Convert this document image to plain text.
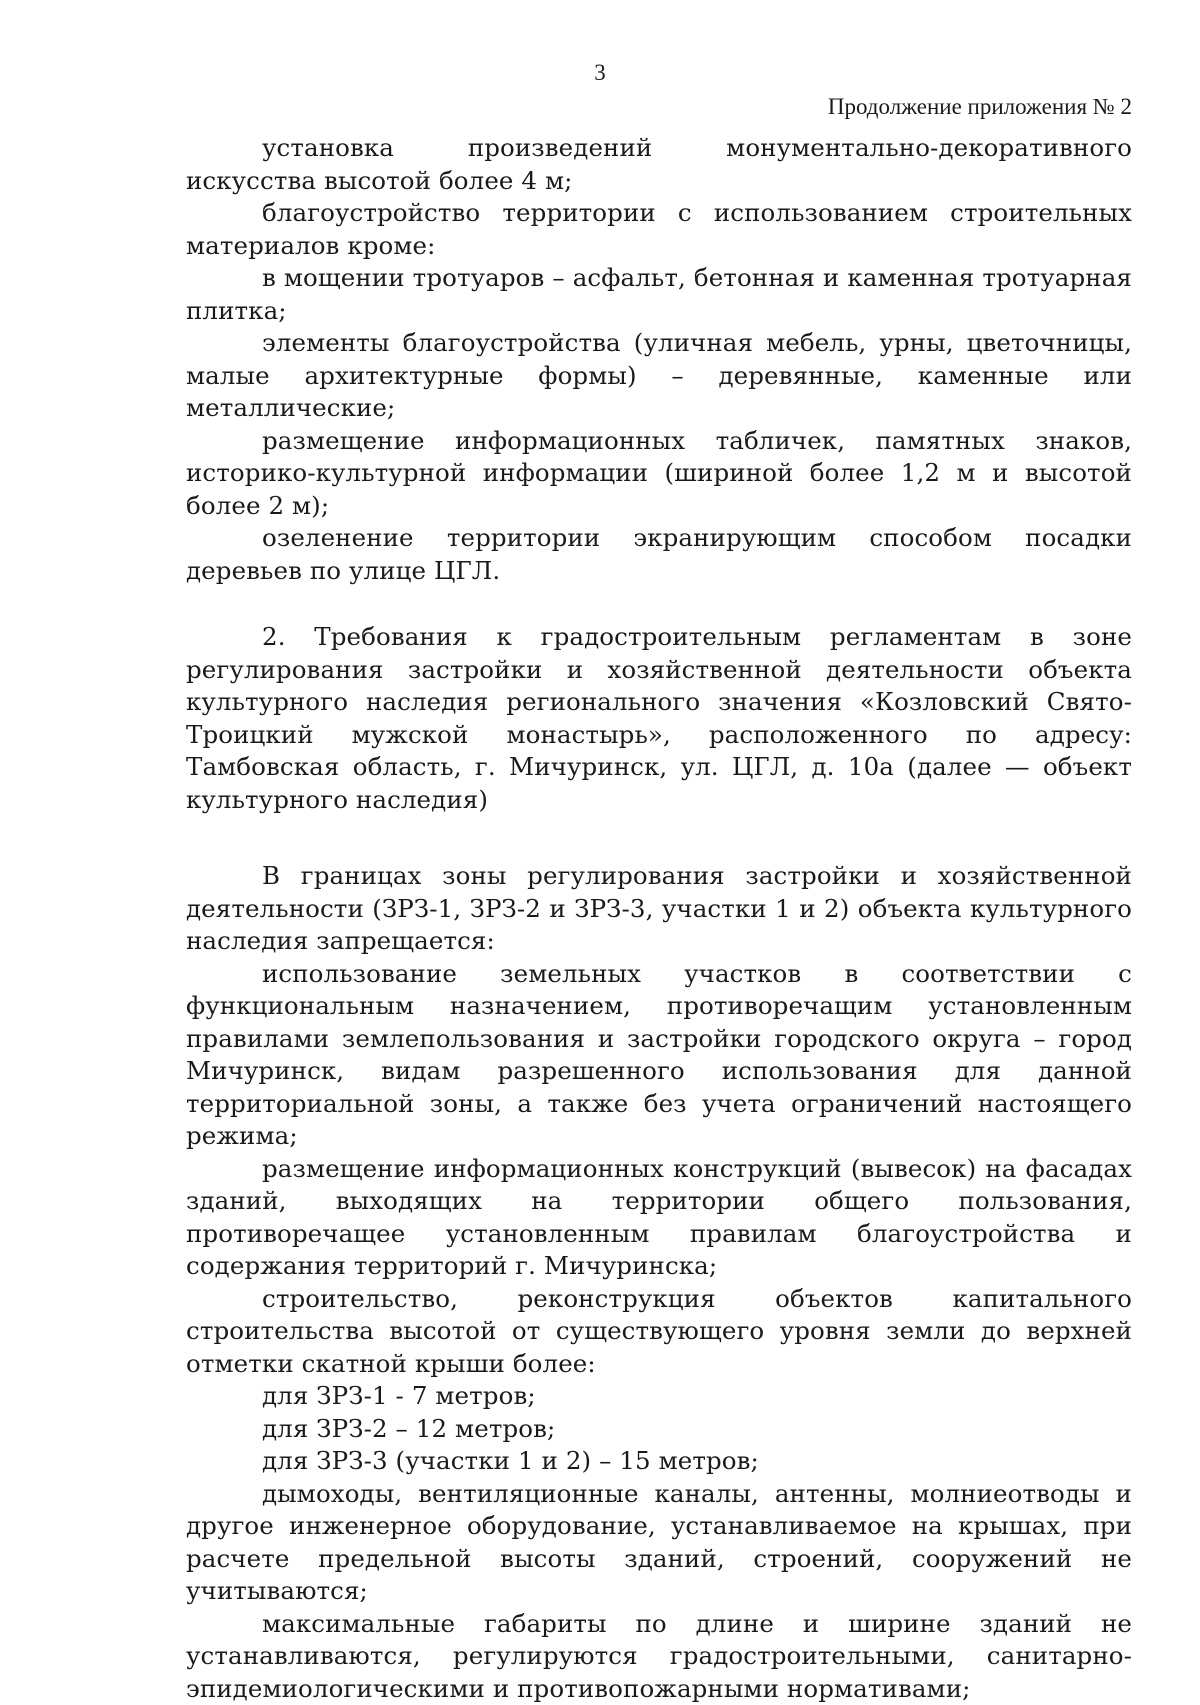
3
Продолжение приложения № 2

установка произведений монументально-декоративного искусства высотой более 4 м;

благоустройство территории с использованием строительных материалов кроме:

в мощении тротуаров – асфальт, бетонная и каменная тротуарная плитка;

элементы благоустройства (уличная мебель, урны, цветочницы, малые архитектурные формы) – деревянные, каменные или металлические;

размещение информационных табличек, памятных знаков, историко-культурной информации (шириной более 1,2 м и высотой более 2 м);

озеленение территории экранирующим способом посадки деревьев по улице ЦГЛ.

2. Требования к градостроительным регламентам в зоне регулирования застройки и хозяйственной деятельности объекта культурного наследия регионального значения «Козловский Свято-Троицкий мужской монастырь», расположенного по адресу: Тамбовская область, г. Мичуринск, ул. ЦГЛ, д. 10а (далее — объект культурного наследия)

В границах зоны регулирования застройки и хозяйственной деятельности (ЗРЗ-1, ЗРЗ-2 и ЗРЗ-3, участки 1 и 2) объекта культурного наследия запрещается:

использование земельных участков в соответствии с функциональным назначением, противоречащим установленным правилами землепользования и застройки городского округа – город Мичуринск, видам разрешенного использования для данной территориальной зоны, а также без учета ограничений настоящего режима;

размещение информационных конструкций (вывесок) на фасадах зданий, выходящих на территории общего пользования, противоречащее установленным правилам благоустройства и содержания территорий г. Мичуринска;

строительство, реконструкция объектов капитального строительства высотой от существующего уровня земли до верхней отметки скатной крыши более:

для ЗРЗ-1 - 7 метров;

для ЗРЗ-2 – 12 метров;

для ЗРЗ-3 (участки 1 и 2) – 15 метров;

дымоходы, вентиляционные каналы, антенны, молниеотводы и другое инженерное оборудование, устанавливаемое на крышах, при расчете предельной высоты зданий, строений, сооружений не учитываются;

максимальные габариты по длине и ширине зданий не устанавливаются, регулируются градостроительными, санитарно-эпидемиологическими и противопожарными нормативами;
